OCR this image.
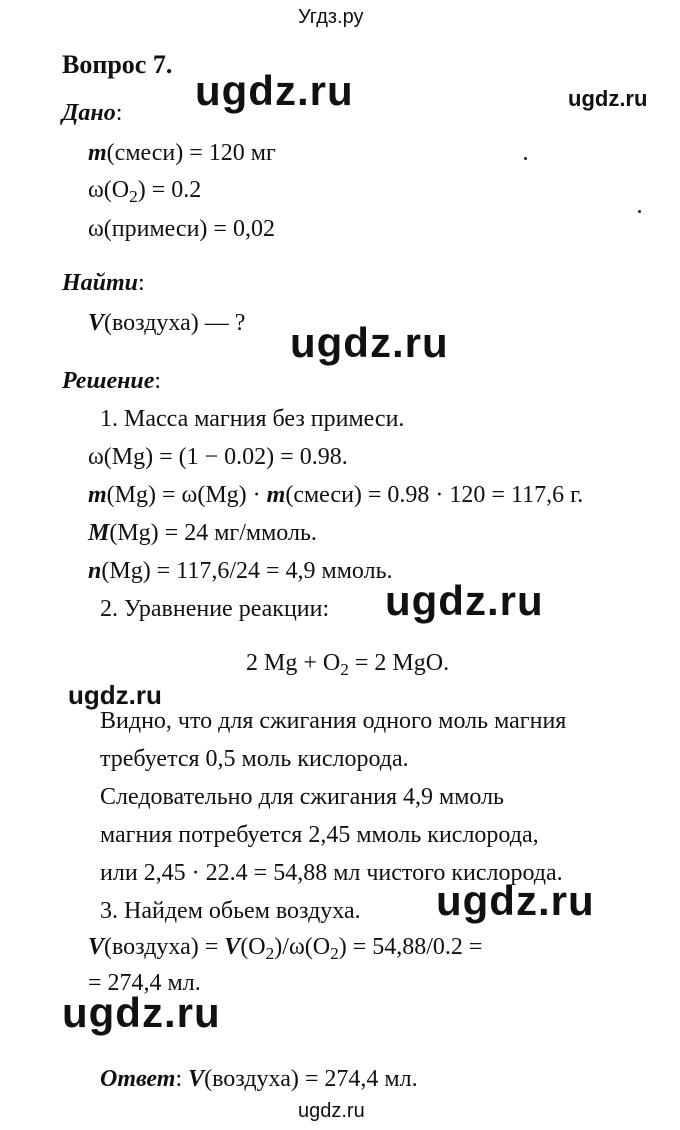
Угдз.ру
Вопрос 7.
ugdz.ru	ugdz.ru
ugdz.ru
ugdz.ru
ugdz.ru
ugdz.ru
ugdz.ru
Дано:
m(смеси) = 120 мг
$\omega(O_2) = 0.2$
ω(примеси) = 0,02
Найти:
V(воздуха) — ?
Решение:
1. Масса магния без примеси.
ω(Mg) = (1 − 0.02) = 0.98.
m(Mg) = ω(Mg) · m(смеси) = 0.98 · 120 = 117,6 г.
M(Mg) = 24 мг/ммоль.
n(Mg) = 117,6/24 = 4,9 ммоль.
2. Уравнение реакции:
2 $Mg + O_2 = 2$ MgO.
Видно, что для сжигания одного моль магния
требуется 0,5 моль кислорода.
Следовательно для сжигания 4,9 ммоль
магния потребуется 2,45 ммоль кислорода,
или 2,45 · 22.4 = 54,88 мл чистого кислорода.
3. Найдем обьем воздуха.
V(воздуха) = $V(O_2)/\omega(O_2) = 54,88/0.2$ =
= 274,4 мл.
Ответ: V(воздуха) = 274,4 мл.
ugdz.ru
